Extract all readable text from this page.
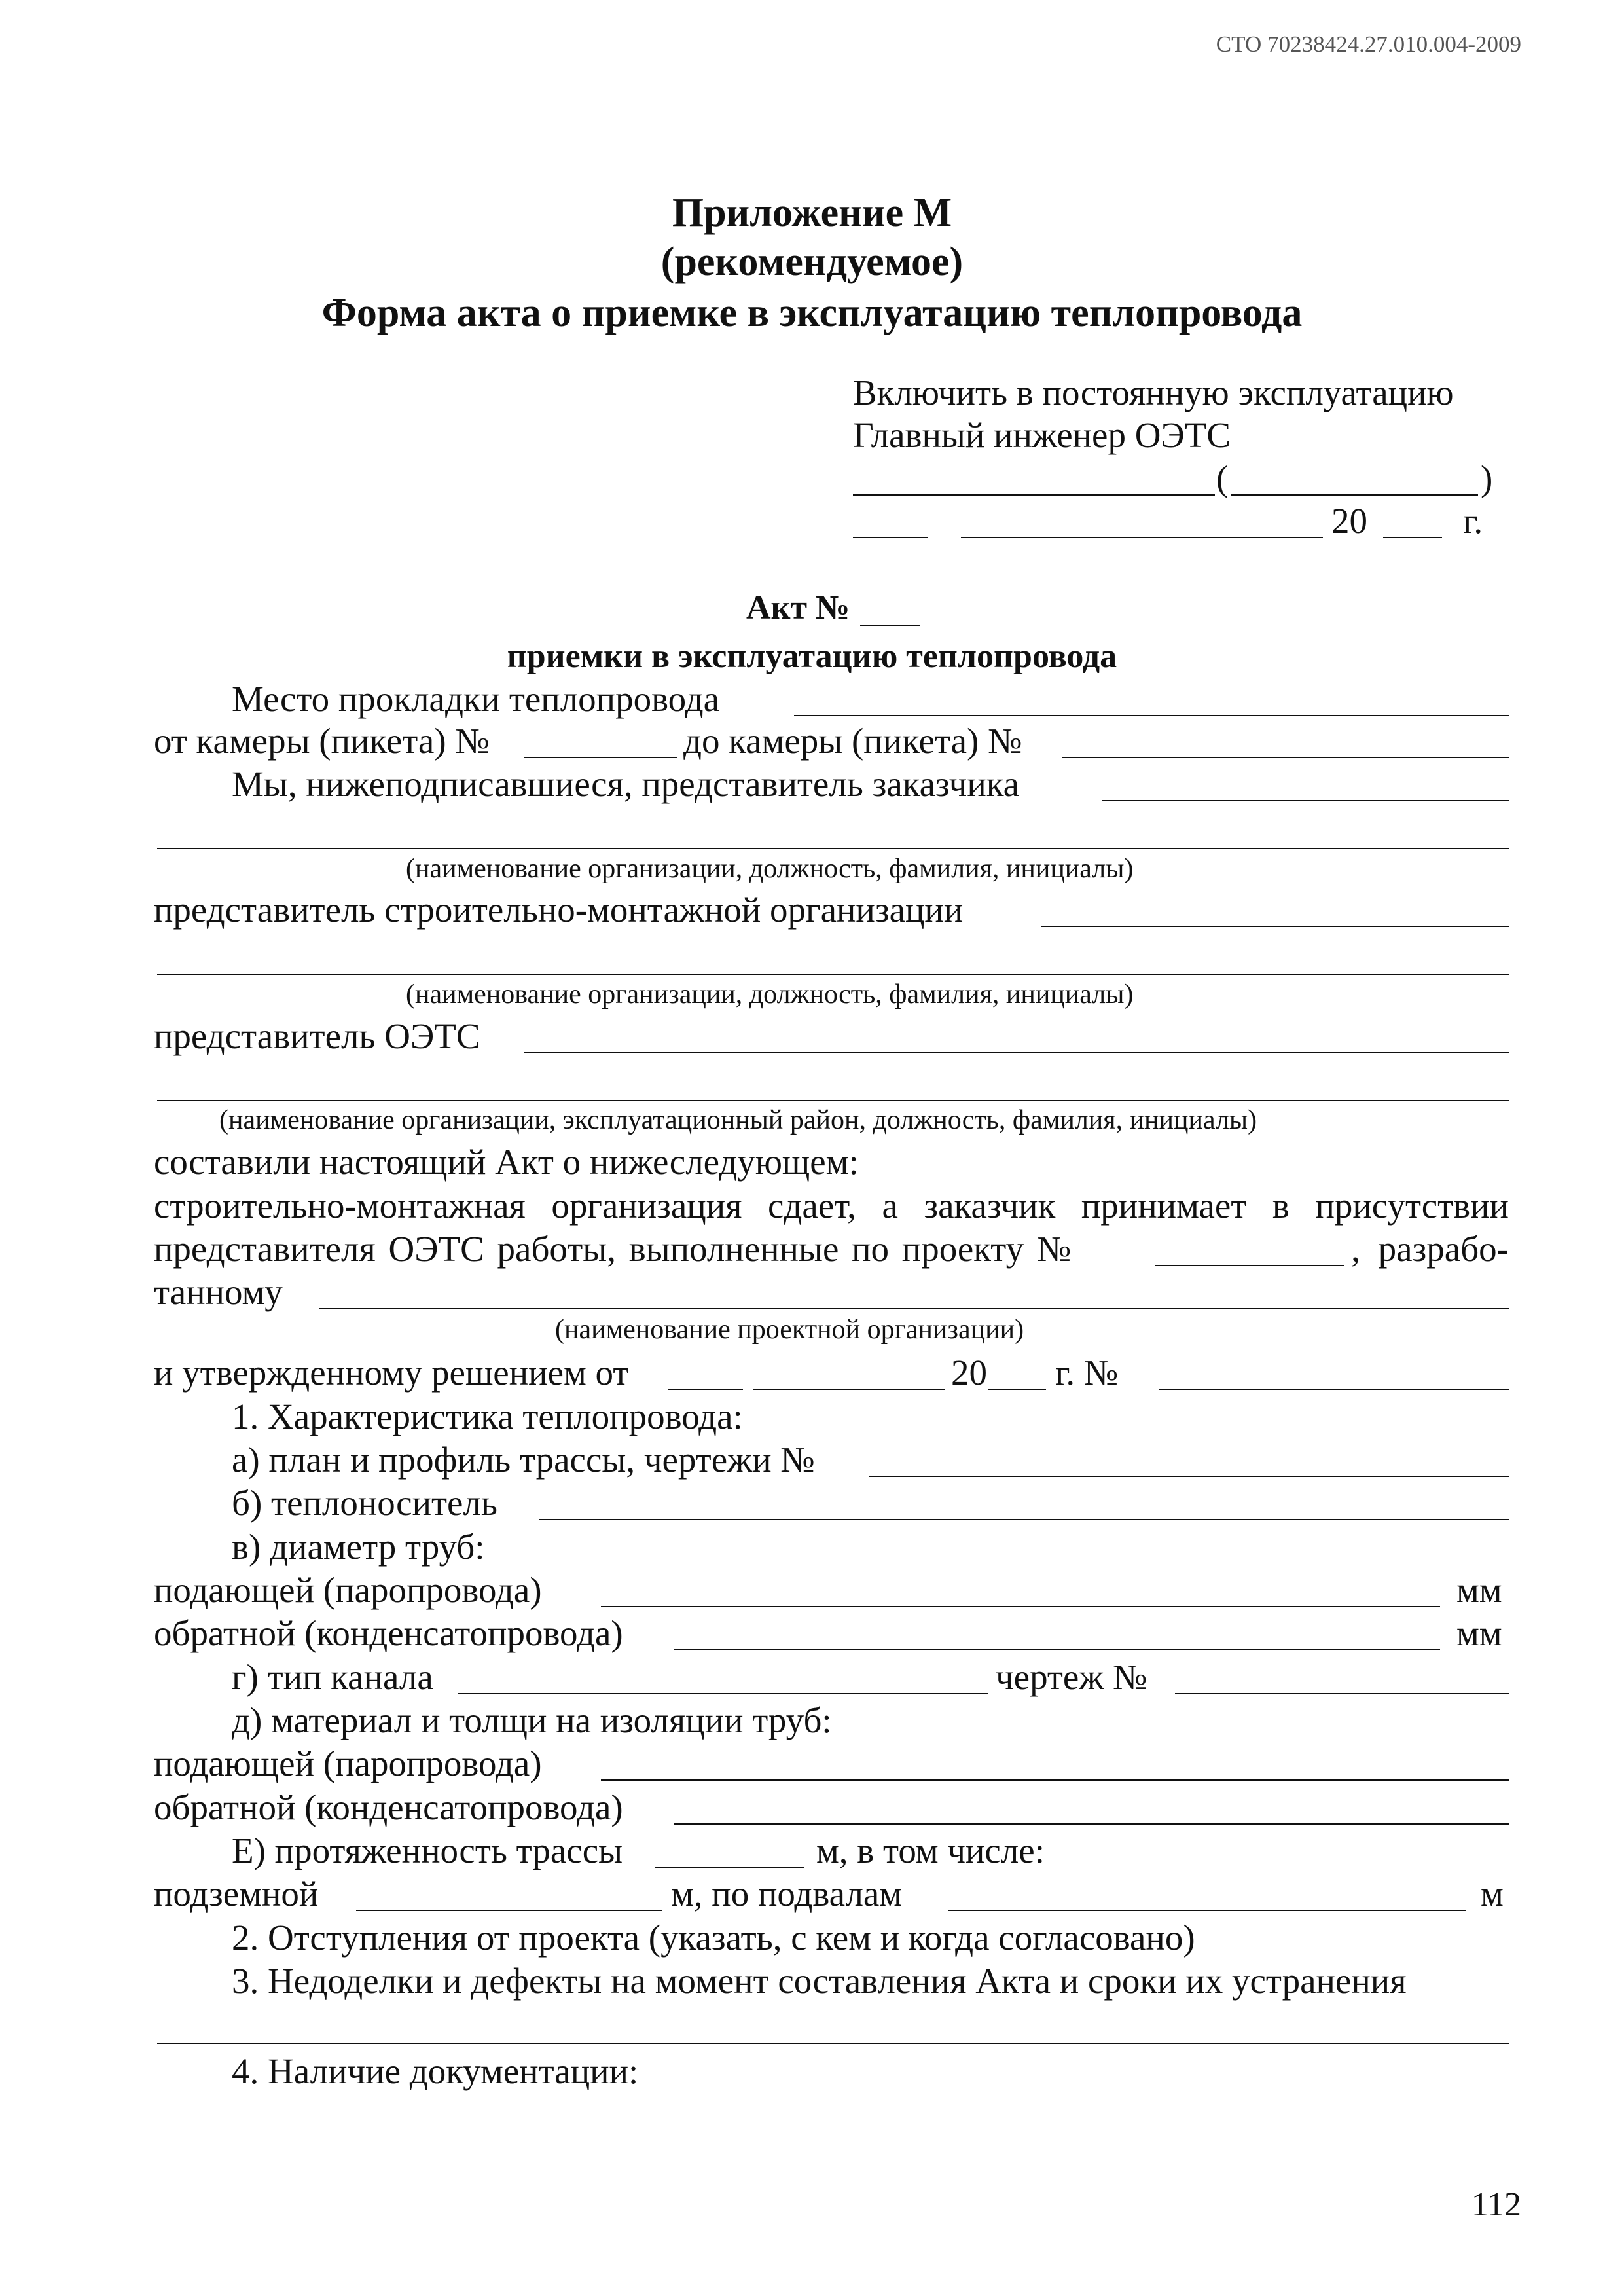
СТО 70238424.27.010.004-2009
Приложение М
(рекомендуемое)
Форма акта о приемке в эксплуатацию теплопровода
Включить в постоянную эксплуатацию
Главный инженер ОЭТС
(	)
20	г.
Акт №
приемки в эксплуатацию теплопровода
Место прокладки теплопровода
от камеры (пикета) №	до камеры (пикета) №
Мы, нижеподписавшиеся, представитель заказчика
(наименование организации, должность, фамилия, инициалы)
представитель строительно-монтажной организации
(наименование организации, должность, фамилия, инициалы)
представитель ОЭТС
(наименование организации, эксплуатационный район, должность, фамилия, инициалы)
составили настоящий Акт о нижеследующем:
строительно-монтажная организация сдает, а заказчик принимает в присутствии
представителя ОЭТС работы, выполненные по проекту №	, разрабо-
танному
(наименование проектной организации)
и утвержденному решением от	20 г. №
1. Характеристика теплопровода:
а) план и профиль трассы, чертежи №
б) теплоноситель
в) диаметр труб:
подающей (паропровода)	мм
обратной (конденсатопровода)	мм
г) тип канала	чертеж №
д) материал и толщи на изоляции труб:
подающей (паропровода)
обратной (конденсатопровода)
Е) протяженность трассы	м, в том числе:
подземной	м, по подвалам	м
2. Отступления от проекта (указать, с кем и когда согласовано)
3. Недоделки и дефекты на момент составления Акта и сроки их устранения
4. Наличие документации:
112
